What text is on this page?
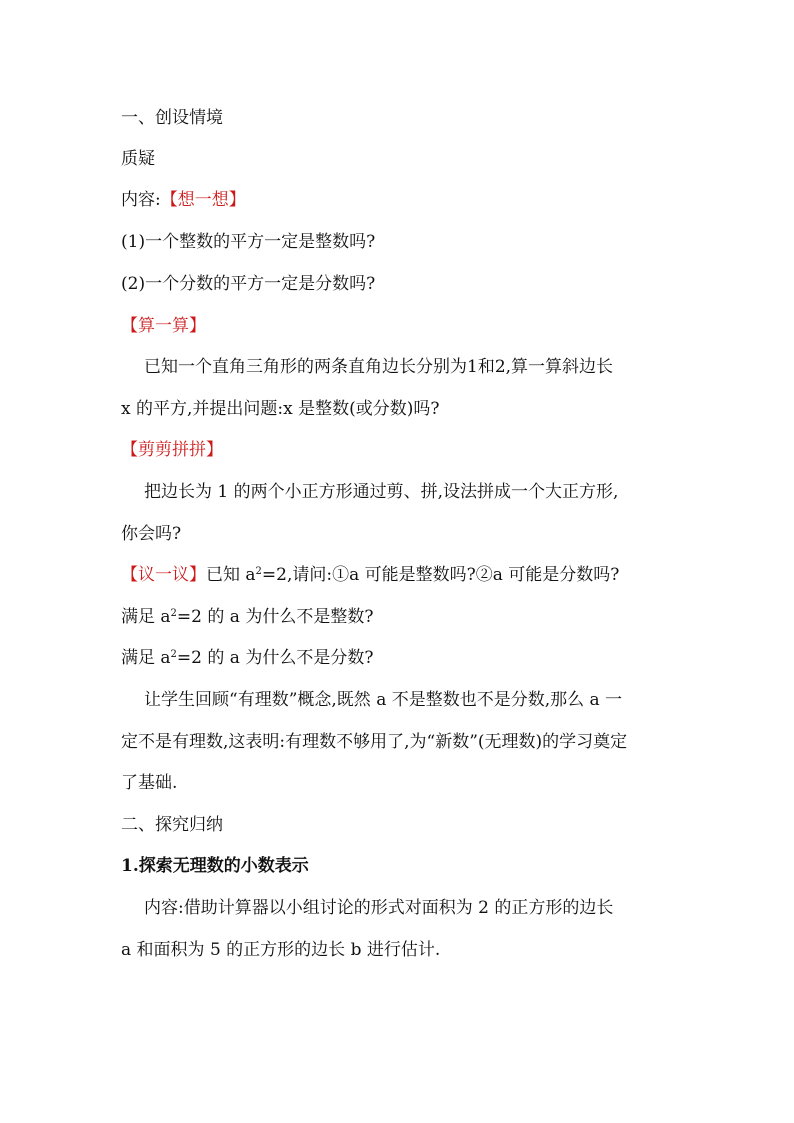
一、创设情境
质疑
内容:【想一想】
(1)一个整数的平方一定是整数吗?
(2)一个分数的平方一定是分数吗?
【算一算】
已知一个直角三角形的两条直角边长分别为1和2,算一算斜边长
x 的平方,并提出问题:x 是整数(或分数)吗?
【剪剪拼拼】
把边长为 1 的两个小正方形通过剪、拼,设法拼成一个大正方形,
你会吗?
【议一议】已知 $a^2=2$,请问:①a 可能是整数吗?②a 可能是分数吗?
满足 $a^2=2$ 的 a 为什么不是整数?
满足 $a^2=2$ 的 a 为什么不是分数?
让学生回顾“有理数”概念,既然 a 不是整数也不是分数,那么 a 一
定不是有理数,这表明:有理数不够用了,为“新数”(无理数)的学习奠定
了基础.
二、探究归纳
1.探索无理数的小数表示
内容:借助计算器以小组讨论的形式对面积为 2 的正方形的边长
a 和面积为 5 的正方形的边长 b 进行估计.
